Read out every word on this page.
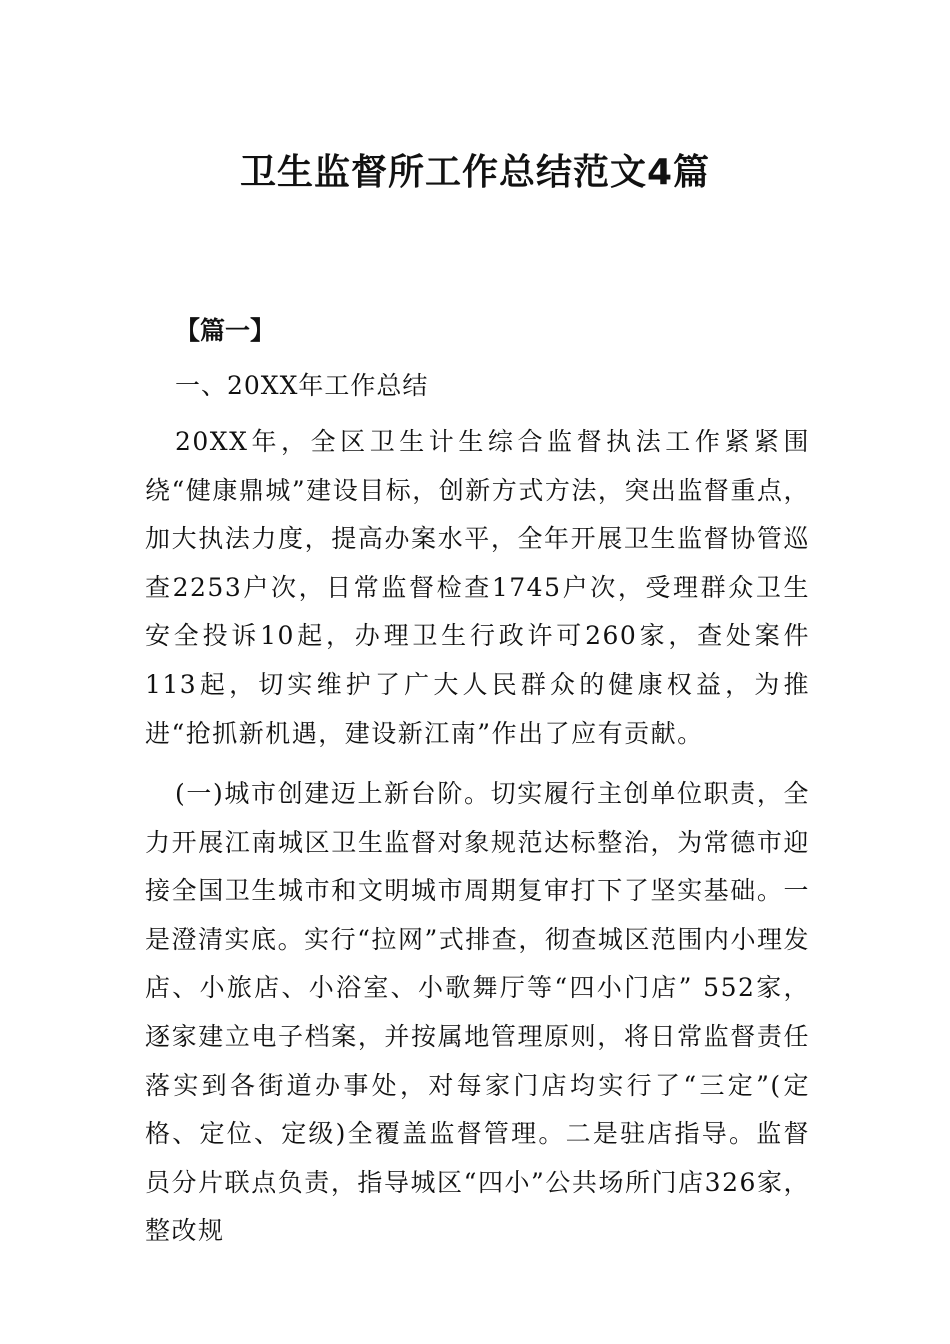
卫生监督所工作总结范文4篇
【篇一】
一、20XX年工作总结

20XX年，全区卫生计生综合监督执法工作紧紧围绕“健康鼎城”建设目标，创新方式方法，突出监督重点，加大执法力度，提高办案水平，全年开展卫生监督协管巡查2253户次，日常监督检查1745户次，受理群众卫生安全投诉10起，办理卫生行政许可260家，查处案件113起，切实维护了广大人民群众的健康权益，为推进“抢抓新机遇，建设新江南”作出了应有贡献。

(一)城市创建迈上新台阶。切实履行主创单位职责，全力开展江南城区卫生监督对象规范达标整治，为常德市迎接全国卫生城市和文明城市周期复审打下了坚实基础。一是澄清实底。实行“拉网”式排查，彻查城区范围内小理发店、小旅店、小浴室、小歌舞厅等“四小门店” 552家，逐家建立电子档案，并按属地管理原则，将日常监督责任落实到各街道办事处，对每家门店均实行了“三定”(定格、定位、定级)全覆盖监督管理。二是驻店指导。监督员分片联点负责，指导城区“四小”公共场所门店326家，整改规
